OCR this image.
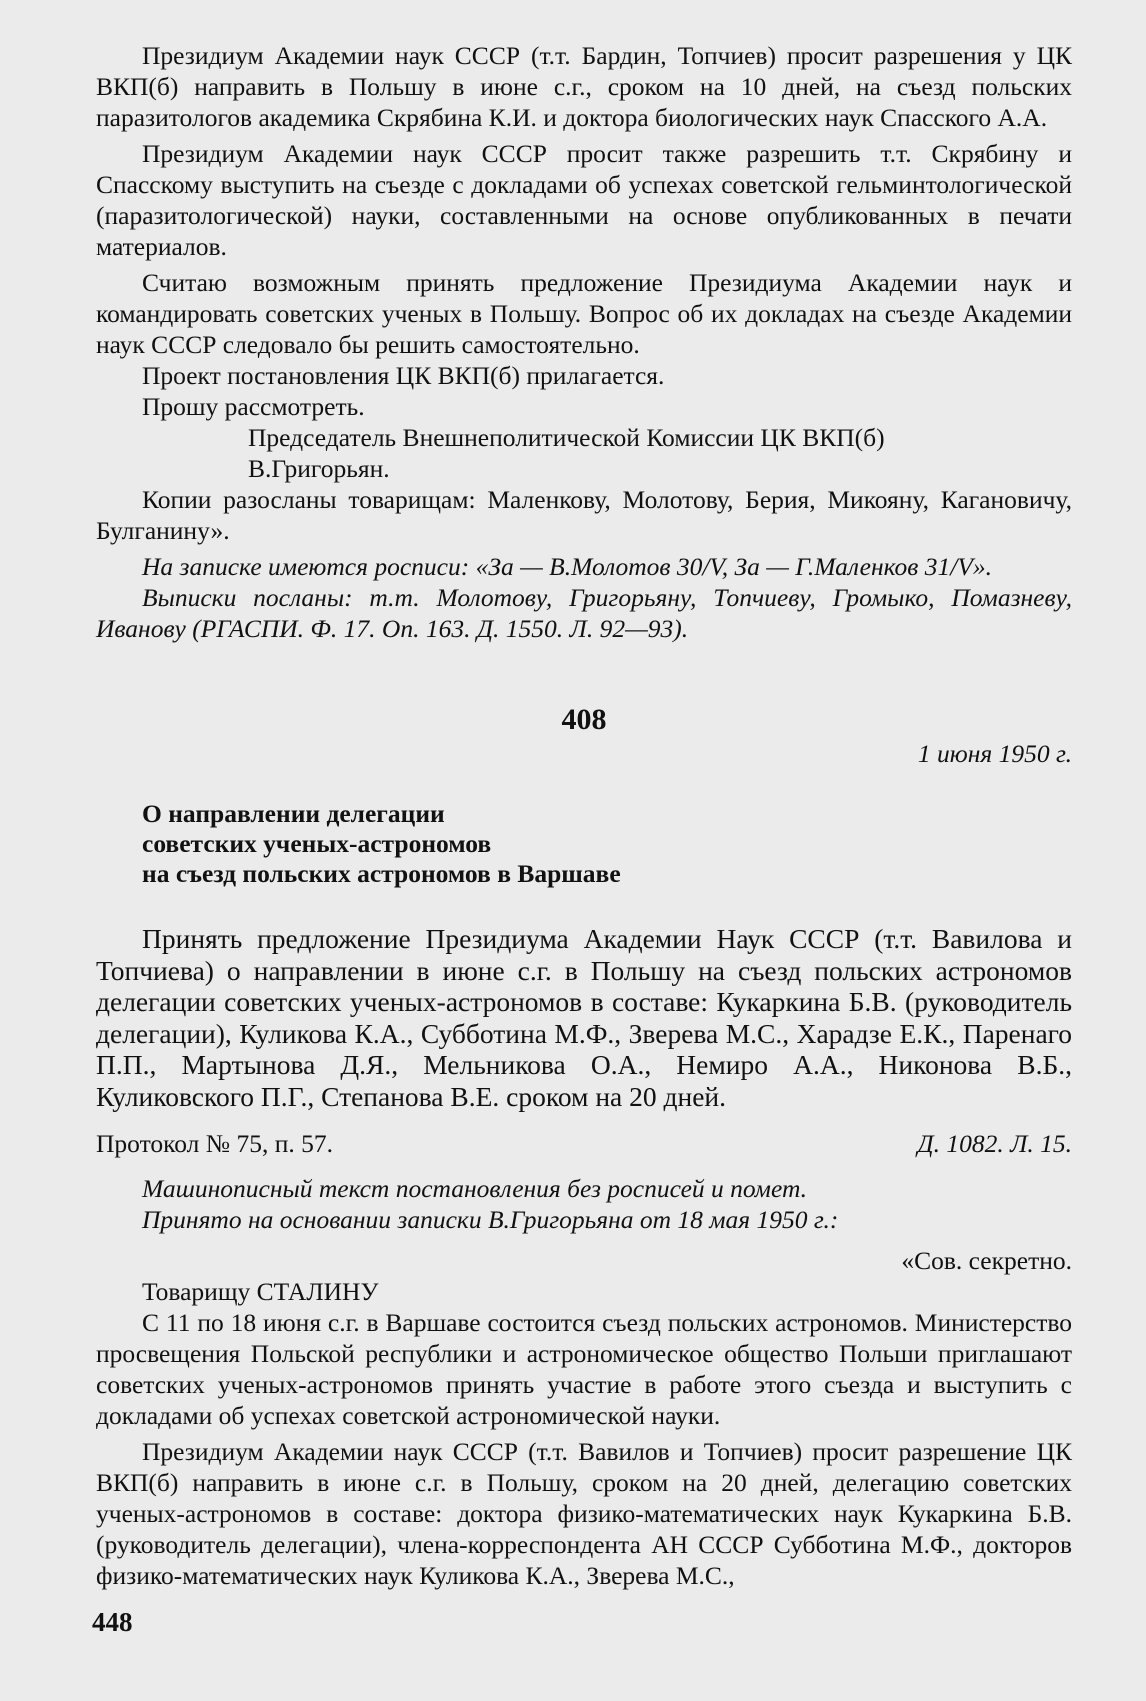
Президиум Академии наук СССР (т.т. Бардин, Топчиев) просит разрешения у ЦК ВКП(б) направить в Польшу в июне с.г., сроком на 10 дней, на съезд польских паразитологов академика Скрябина К.И. и доктора биологических наук Спасского А.А.

Президиум Академии наук СССР просит также разрешить т.т. Скрябину и Спасскому выступить на съезде с докладами об успехах советской гельминтологической (паразитологической) науки, составленными на основе опубликованных в печати материалов.

Считаю возможным принять предложение Президиума Академии наук и командировать советских ученых в Польшу. Вопрос об их докладах на съезде Академии наук СССР следовало бы решить самостоятельно.

Проект постановления ЦК ВКП(б) прилагается.

Прошу рассмотреть.

Председатель Внешнеполитической Комиссии ЦК ВКП(б)

В.Григорьян.

Копии разосланы товарищам: Маленкову, Молотову, Берия, Микояну, Кагановичу, Булганину».

На записке имеются росписи: «За — В.Молотов 30/V, За — Г.Маленков 31/V».

Выписки посланы: т.т. Молотову, Григорьяну, Топчиеву, Громыко, Помазневу, Иванову (РГАСПИ. Ф. 17. Оп. 163. Д. 1550. Л. 92—93).

408
1 июня 1950 г.
О направлении делегации
советских ученых-астрономов
на съезд польских астрономов в Варшаве

Принять предложение Президиума Академии Наук СССР (т.т. Вавилова и Топчиева) о направлении в июне с.г. в Польшу на съезд польских астрономов делегации советских ученых-астрономов в составе: Кукаркина Б.В. (руководитель делегации), Куликова К.А., Субботина М.Ф., Зверева М.С., Харадзе Е.К., Паренаго П.П., Мартынова Д.Я., Мельникова О.А., Немиро А.А., Никонова В.Б., Куликовского П.Г., Степанова В.Е. сроком на 20 дней.

Протокол № 75, п. 57.	Д. 1082. Л. 15.

Машинописный текст постановления без росписей и помет.

Принято на основании записки В.Григорьяна от 18 мая 1950 г.:

«Сов. секретно.

Товарищу СТАЛИНУ

С 11 по 18 июня с.г. в Варшаве состоится съезд польских астрономов. Министерство просвещения Польской республики и астрономическое общество Польши приглашают советских ученых-астрономов принять участие в работе этого съезда и выступить с докладами об успехах советской астрономической науки.

Президиум Академии наук СССР (т.т. Вавилов и Топчиев) просит разрешение ЦК ВКП(б) направить в июне с.г. в Польшу, сроком на 20 дней, делегацию советских ученых-астрономов в составе: доктора физико-математических наук Кукаркина Б.В. (руководитель делегации), члена-корреспондента АН СССР Субботина М.Ф., докторов физико-математических наук Куликова К.А., Зверева М.С.,

448
